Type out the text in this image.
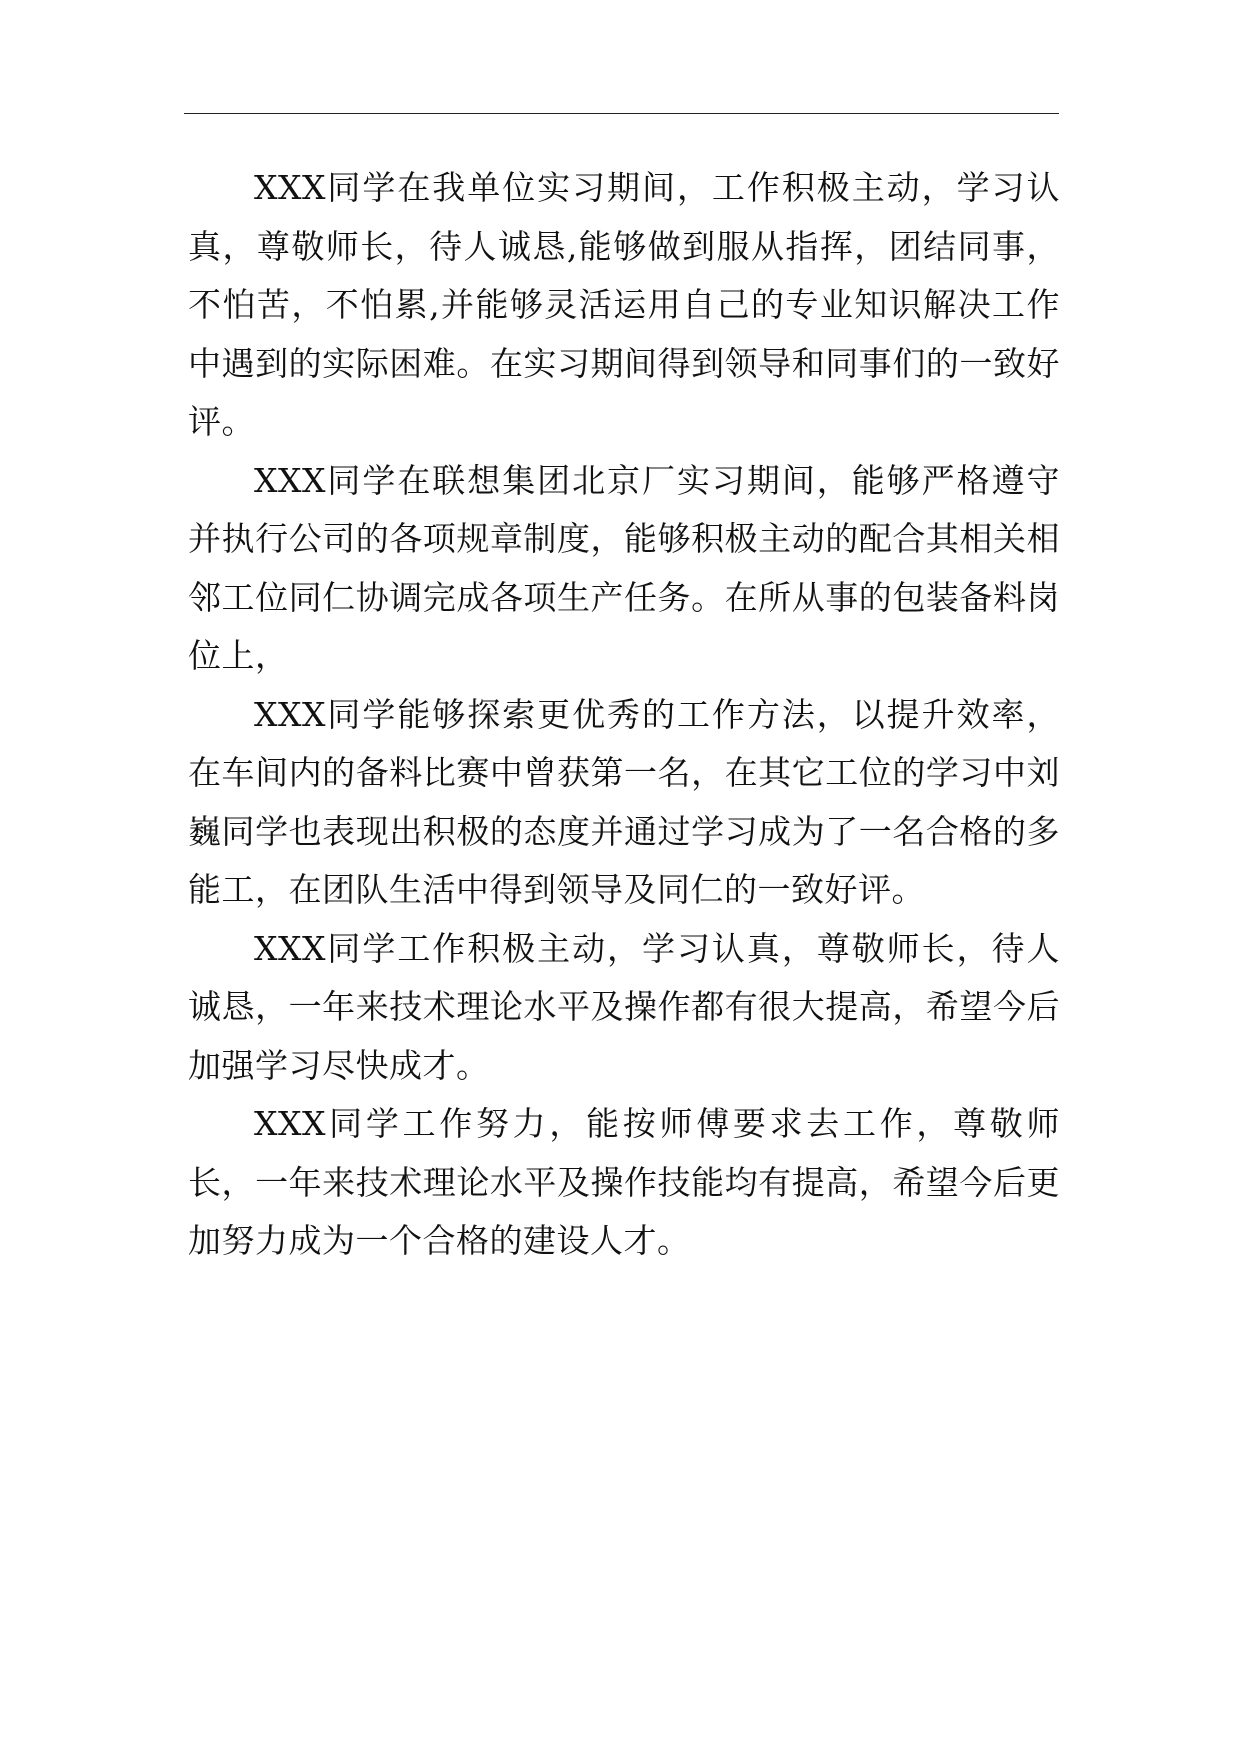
XXX同学在我单位实习期间，工作积极主动，学习认真，尊敬师长，待人诚恳,能够做到服从指挥，团结同事，不怕苦，不怕累,并能够灵活运用自己的专业知识解决工作中遇到的实际困难。在实习期间得到领导和同事们的一致好评。

XXX同学在联想集团北京厂实习期间，能够严格遵守并执行公司的各项规章制度，能够积极主动的配合其相关相邻工位同仁协调完成各项生产任务。在所从事的包装备料岗位上，

XXX同学能够探索更优秀的工作方法，以提升效率，在车间内的备料比赛中曾获第一名，在其它工位的学习中刘巍同学也表现出积极的态度并通过学习成为了一名合格的多能工，在团队生活中得到领导及同仁的一致好评。

XXX同学工作积极主动，学习认真，尊敬师长，待人诚恳，一年来技术理论水平及操作都有很大提高，希望今后加强学习尽快成才。

XXX同学工作努力，能按师傅要求去工作，尊敬师长，一年来技术理论水平及操作技能均有提高，希望今后更加努力成为一个合格的建设人才。
